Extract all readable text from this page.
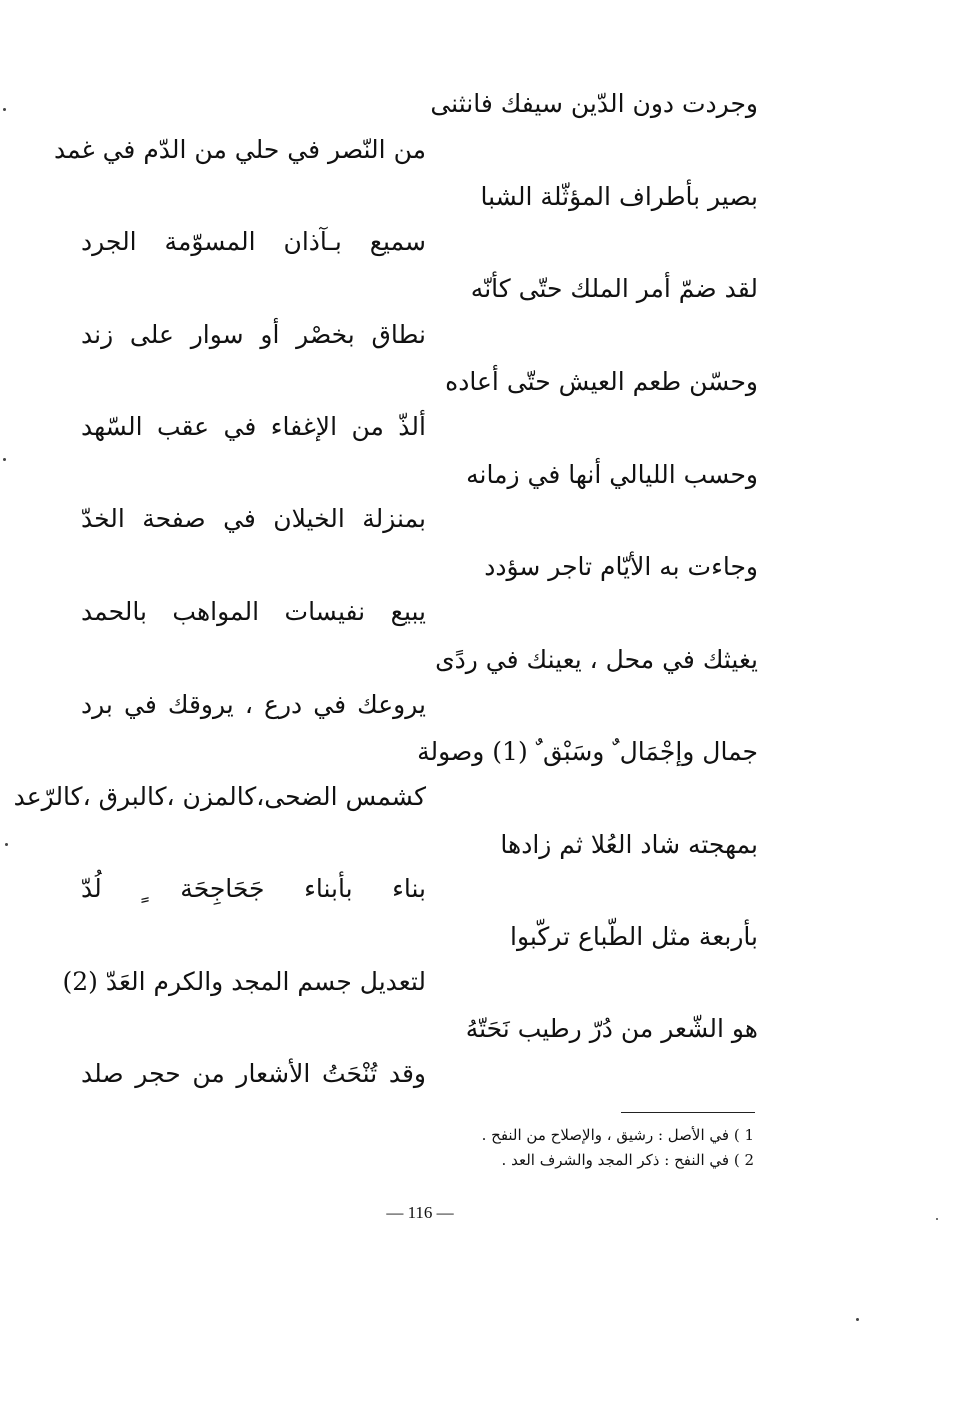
وجردت دون الدّين سيفك فانثنى
من النّصر في حلي من الدّم في غمد
بصير بأطراف المؤثّلة الشبا
سميع بـآذان المسوّمة الجرد
لقد ضمّ أمر الملك حتّى كأنّه
نطاق بخصْر أو سوار على زند
وحسّن طعم العيش حتّى أعاده
ألذّ من الإغفاء في عقب السّهد
وحسب الليالي أنها في زمانه
بمنزلة الخيلان في صفحة الخدّ
وجاءت به الأيّام تاجر سؤدد
يبيع نفيسات المواهب بالحمد
يغيثك في محل ، يعينك في ردًى
يروعك في درع ، يروقك في برد
جمال وإجْمَال ٌ وسَبْق ٌ (1) وصولة
كشمس الضحى،كالمزن ،كالبرق ،كالرّعد
بمهجته شاد العُلا ثم زادها
بناء بأبناء جَحَاجِحَة ٍ لُدّ
بأربعة مثل الطّباع تركّبوا
لتعديل جسم المجد والكرم العَدّ (2)
هو الشّعر من دُرّ رطيب نَحَتّهُ
وقد تُنْحَتُ الأشعار من حجر صلد
1 ) في الأصل : رشيق ، والإصلاح من النفح .
2 ) في النفح : ذكر المجد والشرف العد .
— 116 —
